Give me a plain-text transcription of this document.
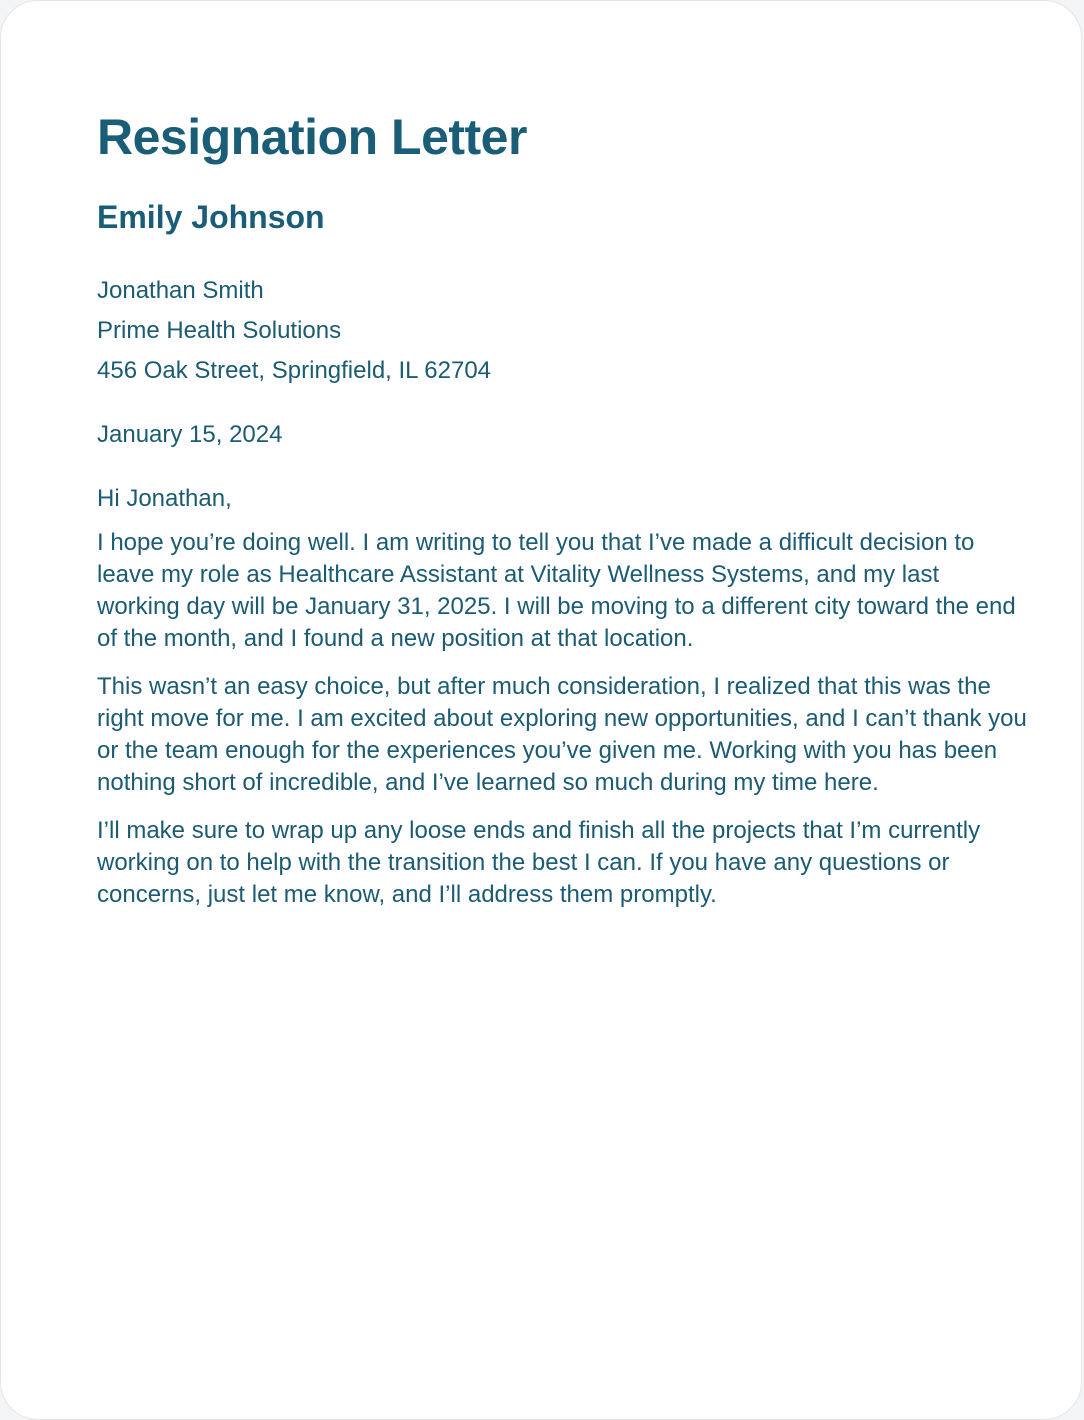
Resignation Letter
Emily Johnson
Jonathan Smith
Prime Health Solutions
456 Oak Street, Springfield, IL 62704
January 15, 2024
Hi Jonathan,

I hope you’re doing well. I am writing to tell you that I’ve made a difficult decision to leave my role as Healthcare Assistant at Vitality Wellness Systems, and my last working day will be January 31, 2025. I will be moving to a different city toward the end of the month, and I found a new position at that location.

This wasn’t an easy choice, but after much consideration, I realized that this was the right move for me. I am excited about exploring new opportunities, and I can’t thank you or the team enough for the experiences you’ve given me. Working with you has been nothing short of incredible, and I’ve learned so much during my time here.

I’ll make sure to wrap up any loose ends and finish all the projects that I’m currently working on to help with the transition the best I can. If you have any questions or concerns, just let me know, and I’ll address them promptly.
